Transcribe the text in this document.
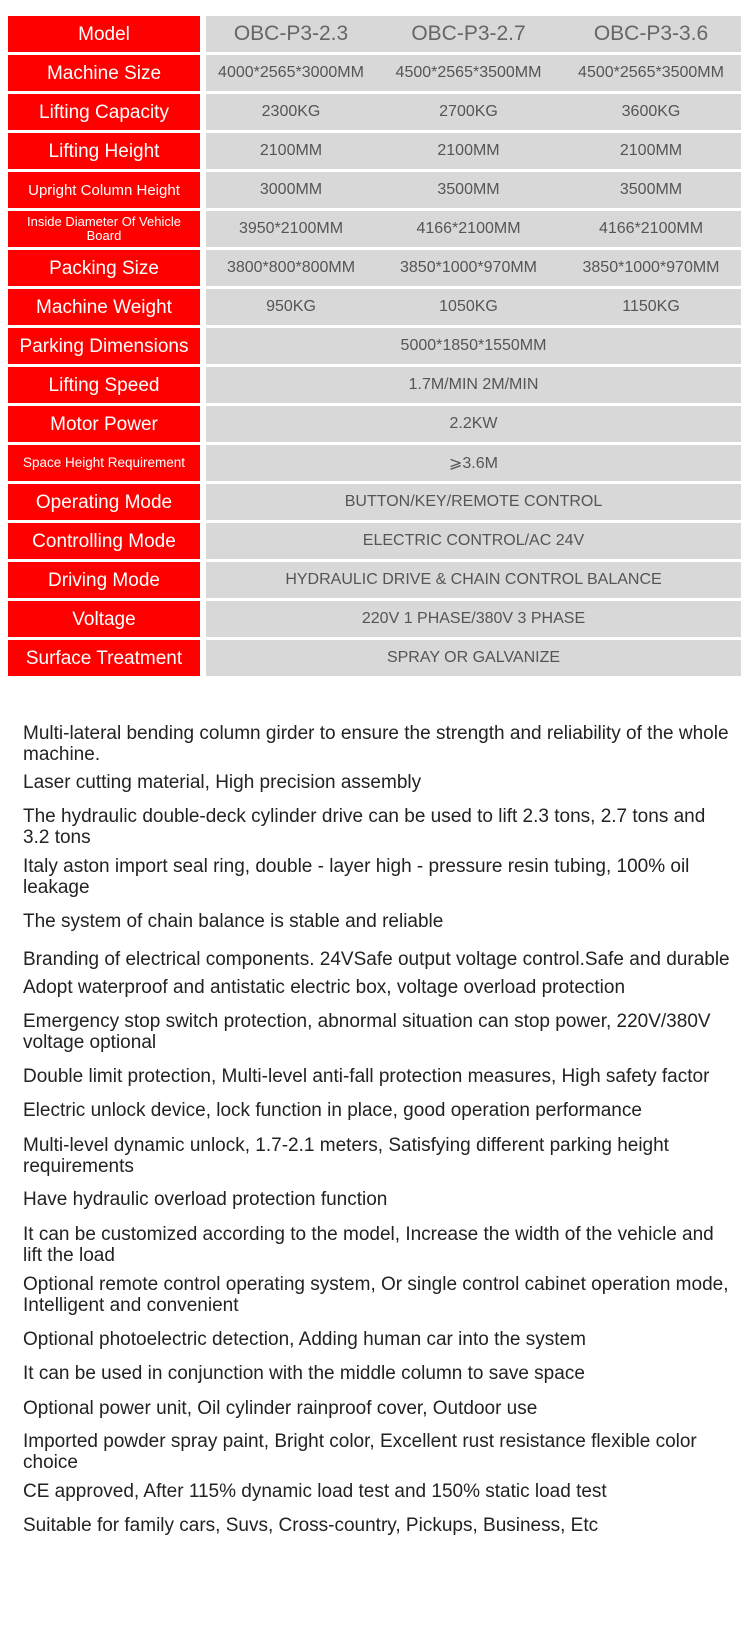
Model	OBC-P3-2.3	OBC-P3-2.7	OBC-P3-3.6
Machine Size	4000*2565*3000MM	4500*2565*3500MM	4500*2565*3500MM
Lifting Capacity	2300KG	2700KG	3600KG
Lifting Height	2100MM	2100MM	2100MM
Upright Column Height	3000MM	3500MM	3500MM
Inside Diameter Of Vehicle Board	3950*2100MM	4166*2100MM	4166*2100MM
Packing Size	3800*800*800MM	3850*1000*970MM	3850*1000*970MM
Machine Weight	950KG	1050KG	1150KG
Parking Dimensions	5000*1850*1550MM
Lifting Speed	1.7M/MIN 2M/MIN
Motor Power	2.2KW
Space Height Requirement	⩾3.6M
Operating Mode	BUTTON/KEY/REMOTE CONTROL
Controlling Mode	ELECTRIC CONTROL/AC 24V
Driving Mode	HYDRAULIC DRIVE & CHAIN CONTROL BALANCE
Voltage	220V 1 PHASE/380V 3 PHASE
Surface Treatment	SPRAY OR GALVANIZE
Multi-lateral bending column girder to ensure the strength and reliability of the whole machine.
Laser cutting material, High precision assembly
The hydraulic double-deck cylinder drive can be used to lift 2.3 tons, 2.7 tons and 3.2 tons
Italy aston import seal ring, double - layer high - pressure resin tubing, 100% oil leakage
The system of chain balance is stable and reliable
Branding of electrical components. 24VSafe output voltage control.Safe and durable
Adopt waterproof and antistatic electric box, voltage overload protection
Emergency stop switch protection, abnormal situation can stop power, 220V/380V voltage optional
Double limit protection, Multi-level anti-fall protection measures, High safety factor
Electric unlock device, lock function in place, good operation performance
Multi-level dynamic unlock, 1.7-2.1 meters, Satisfying different parking height requirements
Have hydraulic overload protection function
It can be customized according to the model, Increase the width of the vehicle and lift the load
Optional remote control operating system, Or single control cabinet operation mode, Intelligent and convenient
Optional photoelectric detection, Adding human car into the system
It can be used in conjunction with the middle column to save space
Optional power unit, Oil cylinder rainproof cover, Outdoor use
Imported powder spray paint, Bright color, Excellent rust resistance flexible color choice
CE approved, After 115% dynamic load test and 150% static load test
Suitable for family cars, Suvs, Cross-country, Pickups, Business, Etc
